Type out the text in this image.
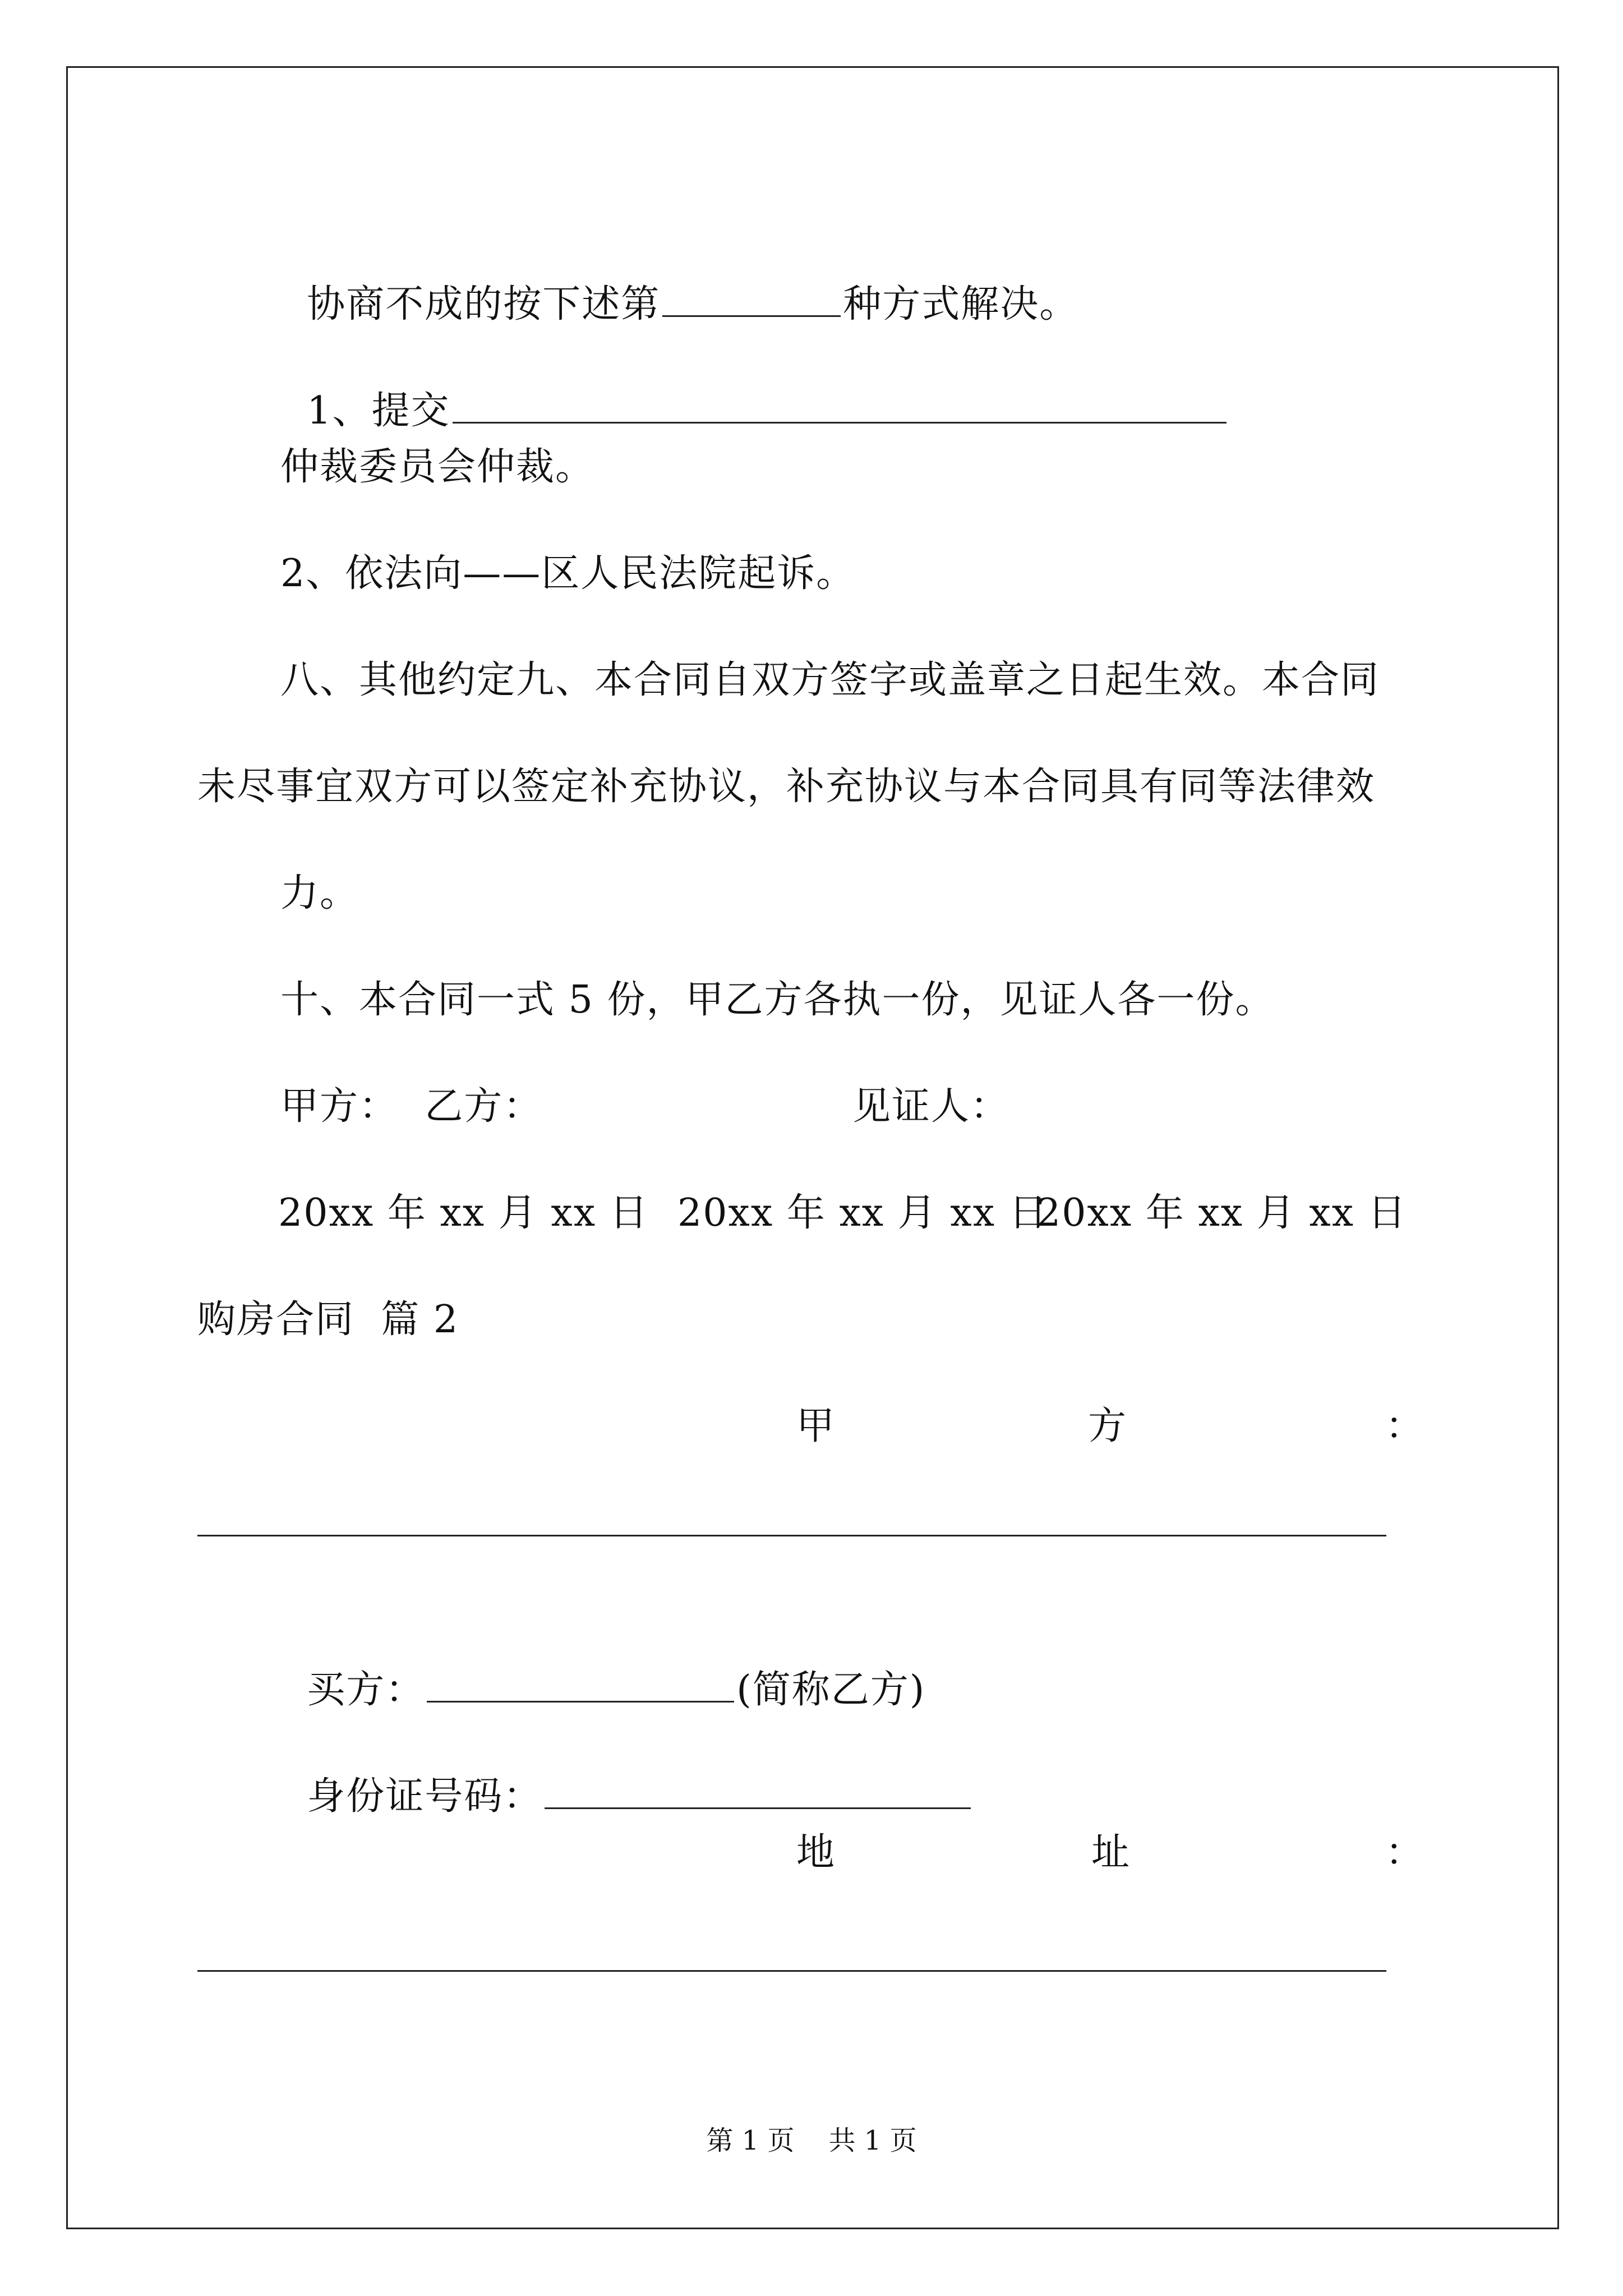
协商不成的按下述第	种方式解决。

1、提交

仲裁委员会仲裁。
2、依法向——区人民法院起诉。
八、其他约定九、本合同自双方签字或盖章之日起生效。本合同
未尽事宜双方可以签定补充协议，补充协议与本合同具有同等法律效
力。
十、本合同一式 5 份，甲乙方各执一份，见证人各一份。
甲方：  乙方：	见证人：
20xx 年 xx 月 xx 日 20xx 年 xx 月 xx 日
20xx 年 xx 月 xx 日
购房合同  篇 2
甲	方	：

买方：	(简称乙方)

身份证号码：

地	址	：
第 1 页    共 1 页
